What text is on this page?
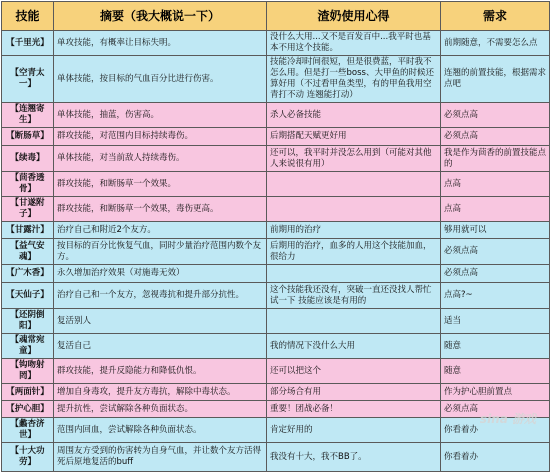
技能	摘要（我大概说一下）	渣奶使用心得	需求
【千里光】	单攻技能，有概率让目标失明。	没什么大用...又不是百发百中...我平时也基本不用这个技能。	前期随意，不需要怎么点
【空青太一】	单体技能，按目标的气血百分比进行伤害。	技能冷却时间很短，但是很费蓝，平时我不怎么用。但是打一些boss、大甲鱼的时候还算好用（不过看甲鱼类型，有的甲鱼我用空青打不动 连翘能打动）	连翘的前置技能，根据需求点吧
【连翘寄生】	单体技能，抽蓝，伤害高。	杀人必备技能	必须点高
【断肠草】	群攻技能，对范围内目标持续毒伤。	后期搭配天赋更好用	必须点高
【续毒】	单体技能，对当前敌人持续毒伤。	还可以，我平时并没怎么用到（可能对其他人来说很有用）	我是作为茴香的前置技能点的
【茴香透骨】	群攻技能，和断肠草一个效果。		点高
【甘遂附子】	群攻技能，和断肠草一个效果，毒伤更高。		点高
【甘露汁】	治疗自己和附近2个友方。	前期用的治疗	够用就可以
【益气安魂】	按目标的百分比恢复气血，同时少量治疗范围内数个友方。	后期用的治疗，血多的人用这个技能加血，很给力	必须点高
【广木香】	永久增加治疗效果（对施毒无效）		必须点高
【天仙子】	治疗自己和一个友方，忽视毒抗和提升部分抗性。	这个技能我还没有，突破一直还没找人帮忙试一下 技能应该是有用的	点高?~
【还阴倒阳】	复活别人		适当
【魂常宛童】	复活自己	我的情况下没什么大用	随意
【钩吻射罔】	群攻技能，提升反隐能力和降低仇恨。	还可以把这个	随意
【两面针】	增加自身毒攻，提升友方毒抗，解除中毒状态。	部分场合有用	作为护心胆前置点
【护心胆】	提升抗性，尝试解除各种负面状态。	重要！团战必备！	必须点高
【蠡杏济世】	范围内回血，尝试解除各种负面状态。	肯定好用的	你看着办
【十大功劳】	周围友方受到的伤害转为自身气血，并让数个友方活得死后原地复活的buff	我没有十大，我不BB了。	你看着办 sina 游戏
